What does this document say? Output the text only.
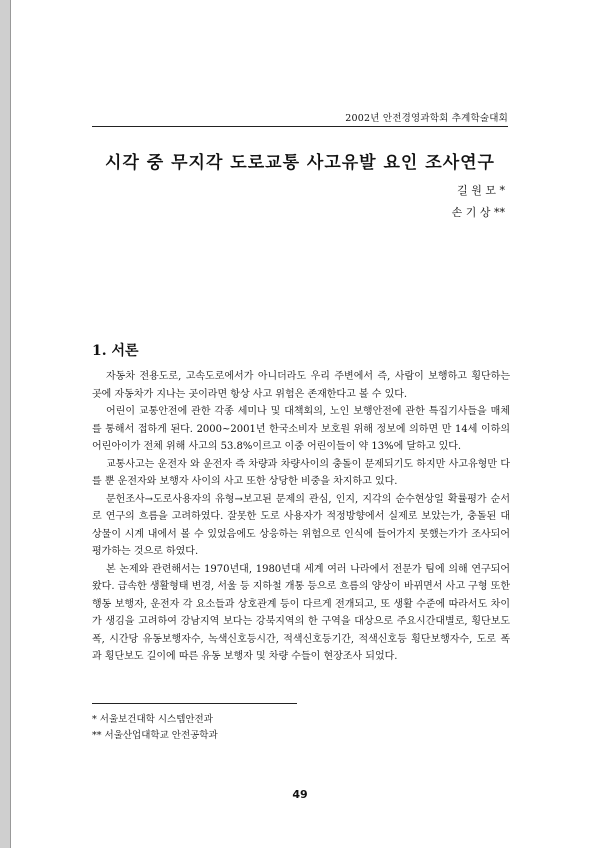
2002년 안전경영과학회 추계학술대회
시각 중 무지각 도로교통 사고유발 요인 조사연구
길 원 모 *
손 기 상 **
1. 서론

자동차 전용도로, 고속도로에서가 아니더라도 우리 주변에서 즉, 사람이 보행하고 횡단하는 곳에 자동차가 지나는 곳이라면 항상 사고 위험은 존재한다고 볼 수 있다.

어린이 교통안전에 관한 각종 세미나 및 대책회의, 노인 보행안전에 관한 특집기사들을 매체를 통해서 접하게 된다. 2000~2001년 한국소비자 보호원 위해 정보에 의하면 만 14세 이하의 어린아이가 전체 위해 사고의 53.8%이르고 이중 어린이들이 약 13%에 달하고 있다.

교통사고는 운전자 와 운전자 즉 차량과 차량사이의 충돌이 문제되기도 하지만 사고유형만 다를 뿐 운전자와 보행자 사이의 사고 또한 상당한 비중을 차지하고 있다.

문헌조사→도로사용자의 유형→보고된 문제의 관심, 인지, 지각의 순수현상일 확률평가 순서로 연구의 흐름을 고려하였다. 잘못한 도로 사용자가 적정방향에서 실제로 보았는가, 충돌된 대상물이 시계 내에서 볼 수 있었음에도 상응하는 위험으로 인식에 들어가지 못했는가가 조사되어 평가하는 것으로 하였다.

본 논제와 관련해서는 1970년대, 1980년대 세계 여러 나라에서 전문가 팀에 의해 연구되어 왔다. 급속한 생활형태 변경, 서울 등 지하철 개통 등으로 흐름의 양상이 바뀌면서 사고 구형 또한 행동 보행자, 운전자 각 요소들과 상호관계 등이 다르게 전개되고, 또 생활 수준에 따라서도 차이가 생김을 고려하여 강남지역 보다는 강북지역의 한 구역을 대상으로 주요시간대별로, 횡단보도 폭, 시간당 유동보행자수, 녹색신호등시간, 적색신호등기간, 적색신호등 횡단보행자수, 도로 폭과 횡단보도 길이에 따른 유동 보행자 및 차량 수들이 현장조사 되었다.

* 서울보건대학 시스템안전과
** 서울산업대학교 안전공학과
49
